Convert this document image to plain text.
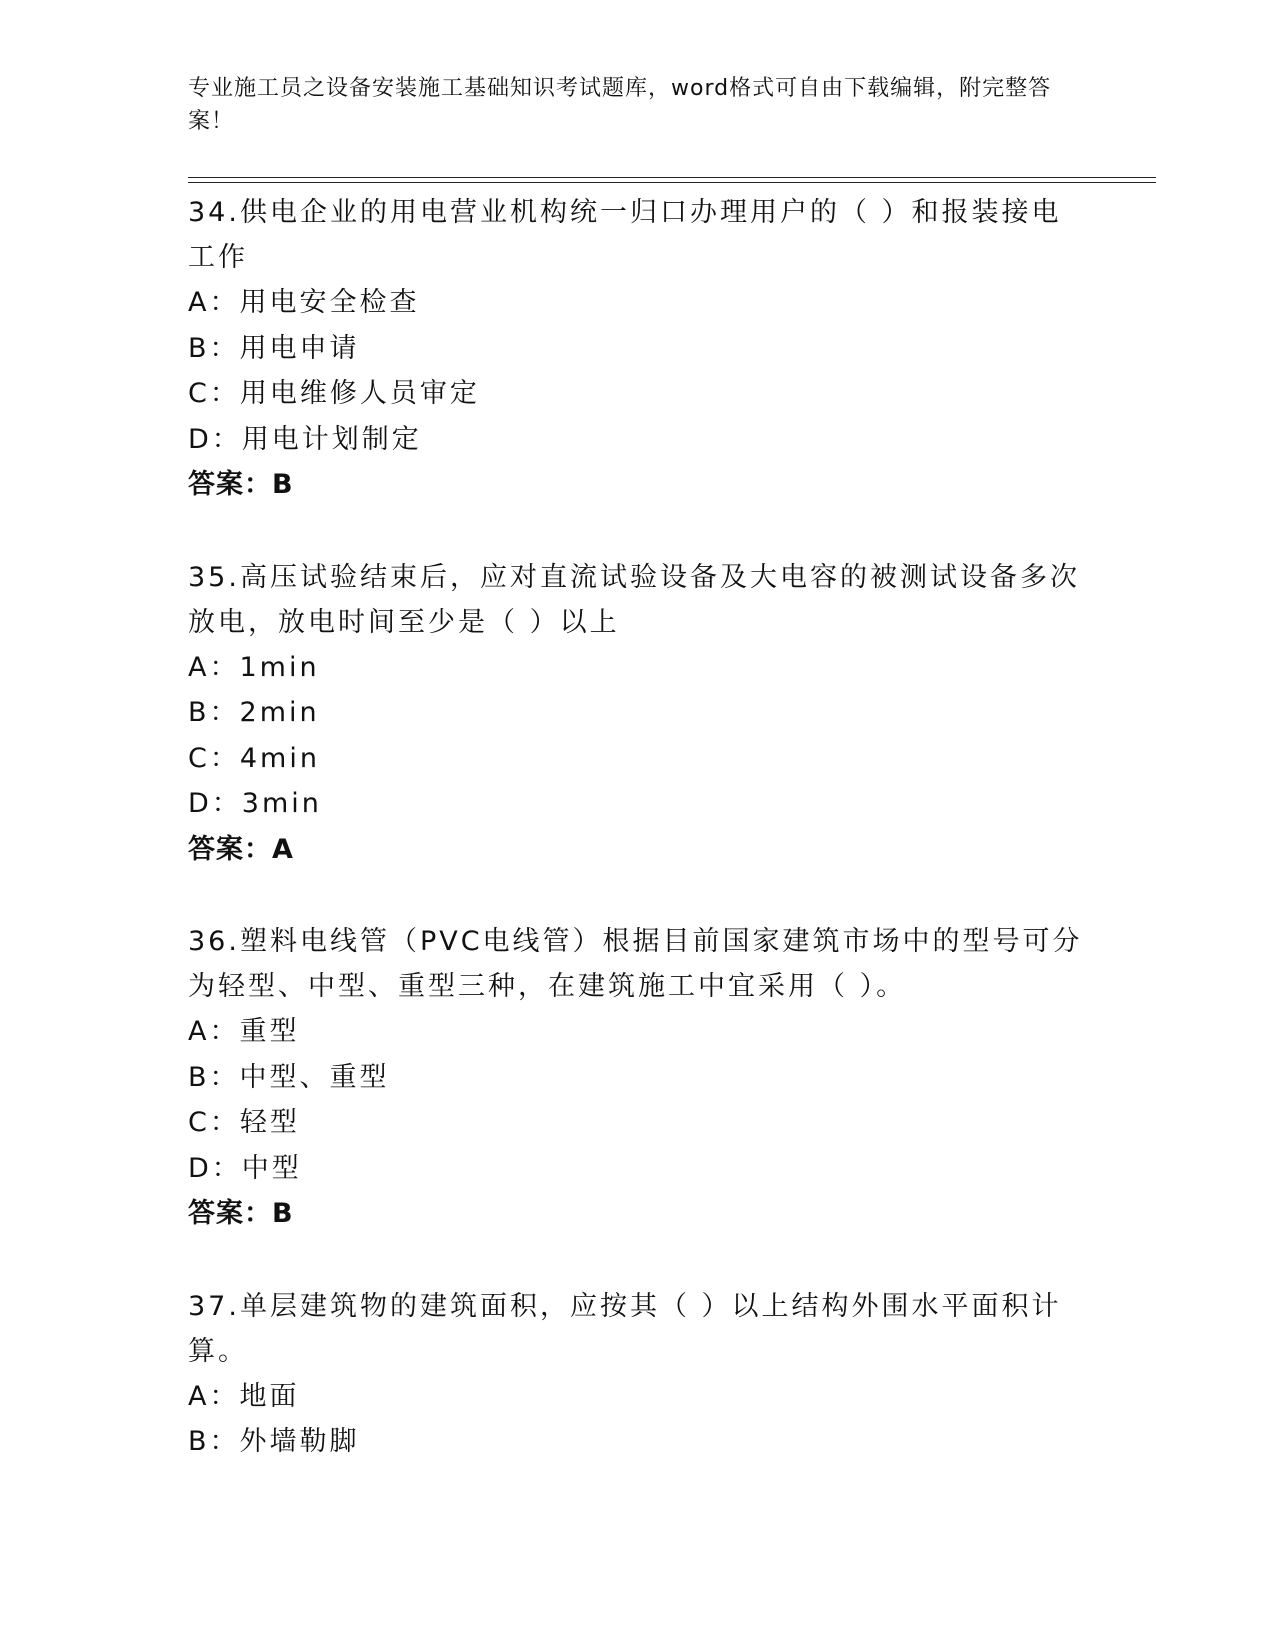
专业施工员之设备安装施工基础知识考试题库，word格式可自由下载编辑，附完整答案！

34.供电企业的用电营业机构统一归口办理用户的（ ）和报装接电工作

A：用电安全检查

B：用电申请

C：用电维修人员审定

D：用电计划制定

答案：B

35.高压试验结束后，应对直流试验设备及大电容的被测试设备多次放电，放电时间至少是（ ）以上

A：1min

B：2min

C：4min

D：3min

答案：A

36.塑料电线管（PVC电线管）根据目前国家建筑市场中的型号可分为轻型、中型、重型三种，在建筑施工中宜采用（ ）。

A：重型

B：中型、重型

C：轻型

D：中型

答案：B

37.单层建筑物的建筑面积，应按其（ ）以上结构外围水平面积计算。

A：地面

B：外墙勒脚
